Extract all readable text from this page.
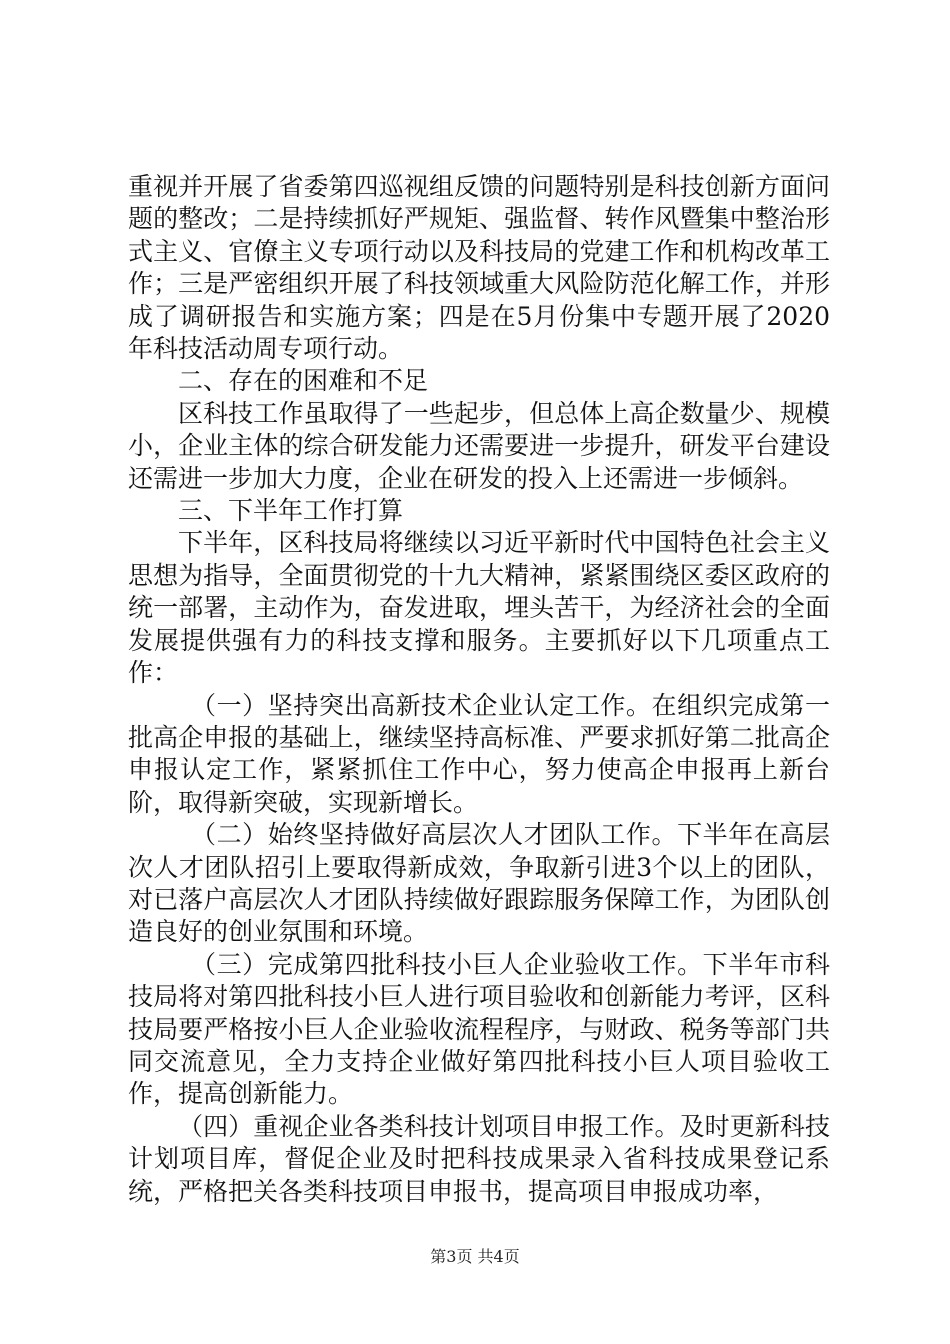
重视并开展了省委第四巡视组反馈的问题特别是科技创新方面问题的整改；二是持续抓好严规矩、强监督、转作风暨集中整治形式主义、官僚主义专项行动以及科技局的党建工作和机构改革工作；三是严密组织开展了科技领域重大风险防范化解工作，并形成了调研报告和实施方案；四是在5月份集中专题开展了2020年科技活动周专项行动。

二、存在的困难和不足

区科技工作虽取得了一些起步，但总体上高企数量少、规模小，企业主体的综合研发能力还需要进一步提升，研发平台建设还需进一步加大力度，企业在研发的投入上还需进一步倾斜。

三、下半年工作打算

下半年，区科技局将继续以习近平新时代中国特色社会主义思想为指导，全面贯彻党的十九大精神，紧紧围绕区委区政府的统一部署，主动作为，奋发进取，埋头苦干，为经济社会的全面发展提供强有力的科技支撑和服务。主要抓好以下几项重点工作：

（一）坚持突出高新技术企业认定工作。在组织完成第一批高企申报的基础上，继续坚持高标准、严要求抓好第二批高企申报认定工作，紧紧抓住工作中心，努力使高企申报再上新台阶，取得新突破，实现新增长。

（二）始终坚持做好高层次人才团队工作。下半年在高层次人才团队招引上要取得新成效，争取新引进3个以上的团队，对已落户高层次人才团队持续做好跟踪服务保障工作，为团队创造良好的创业氛围和环境。

（三）完成第四批科技小巨人企业验收工作。下半年市科技局将对第四批科技小巨人进行项目验收和创新能力考评，区科技局要严格按小巨人企业验收流程程序，与财政、税务等部门共同交流意见，全力支持企业做好第四批科技小巨人项目验收工作，提高创新能力。

（四）重视企业各类科技计划项目申报工作。及时更新科技计划项目库，督促企业及时把科技成果录入省科技成果登记系统，严格把关各类科技项目申报书，提高项目申报成功率，

第3页 共4页
